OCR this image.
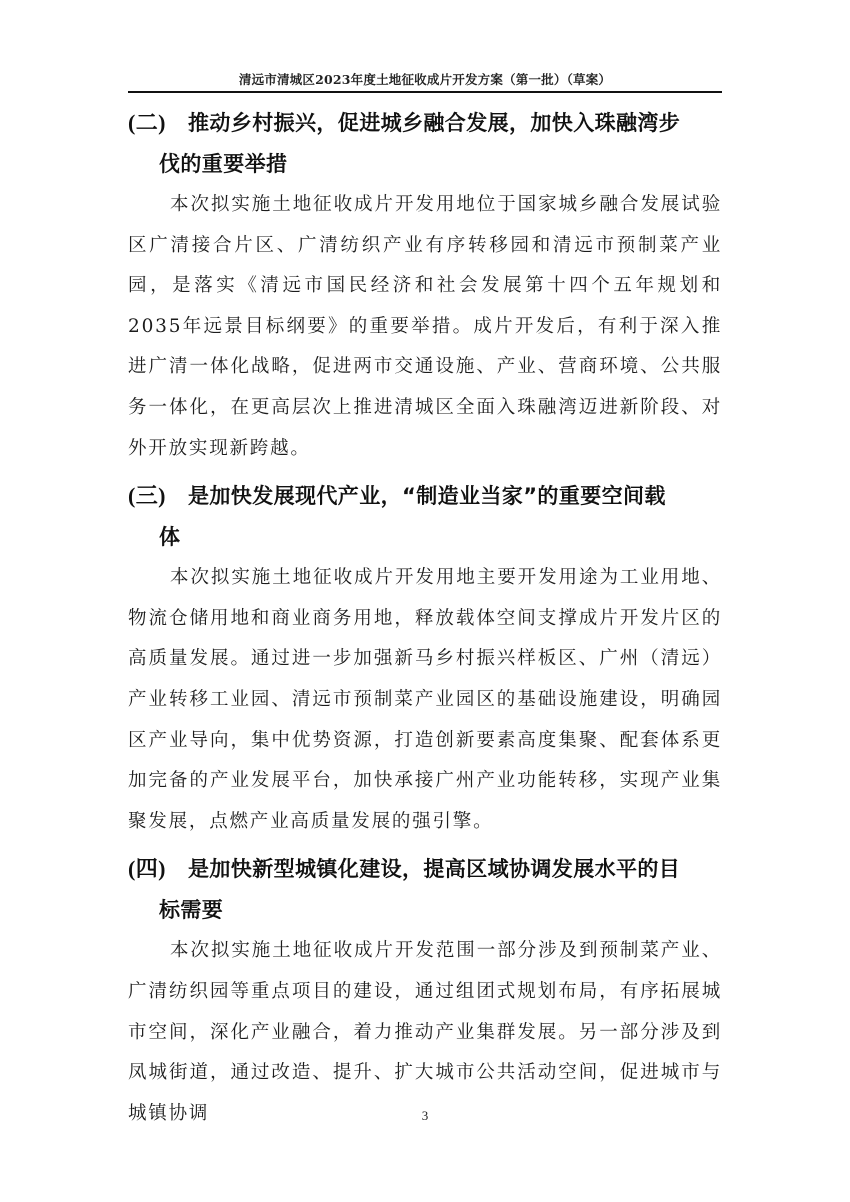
清远市清城区2023年度土地征收成片开发方案（第一批）（草案）
(二) 推动乡村振兴，促进城乡融合发展，加快入珠融湾步
伐的重要举措

本次拟实施土地征收成片开发用地位于国家城乡融合发展试验区广清接合片区、广清纺织产业有序转移园和清远市预制菜产业园，是落实《清远市国民经济和社会发展第十四个五年规划和2035年远景目标纲要》的重要举措。成片开发后，有利于深入推进广清一体化战略，促进两市交通设施、产业、营商环境、公共服务一体化，在更高层次上推进清城区全面入珠融湾迈进新阶段、对外开放实现新跨越。

(三) 是加快发展现代产业，“制造业当家”的重要空间载
体

本次拟实施土地征收成片开发用地主要开发用途为工业用地、物流仓储用地和商业商务用地，释放载体空间支撑成片开发片区的高质量发展。通过进一步加强新马乡村振兴样板区、广州（清远）产业转移工业园、清远市预制菜产业园区的基础设施建设，明确园区产业导向，集中优势资源，打造创新要素高度集聚、配套体系更加完备的产业发展平台，加快承接广州产业功能转移，实现产业集聚发展，点燃产业高质量发展的强引擎。

(四) 是加快新型城镇化建设，提高区域协调发展水平的目
标需要

本次拟实施土地征收成片开发范围一部分涉及到预制菜产业、广清纺织园等重点项目的建设，通过组团式规划布局，有序拓展城市空间，深化产业融合，着力推动产业集群发展。另一部分涉及到凤城街道，通过改造、提升、扩大城市公共活动空间，促进城市与城镇协调	3
